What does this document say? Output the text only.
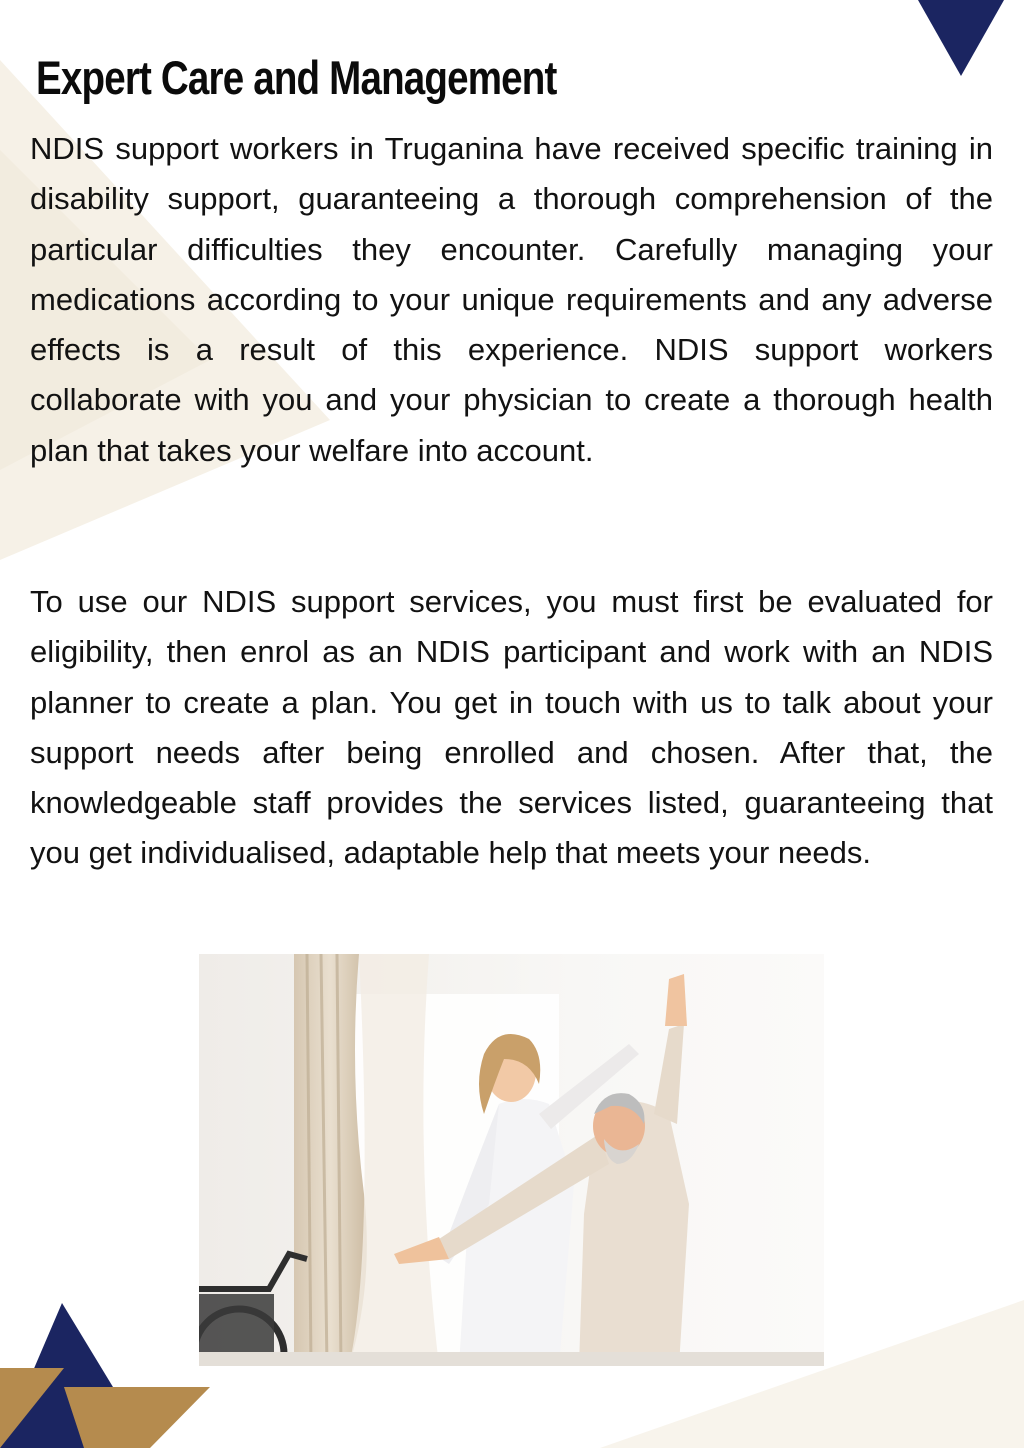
Expert Care and Management

NDIS support workers in Truganina have received specific training in disability support, guaranteeing a thorough comprehension of the particular difficulties they encounter. Carefully managing your medications according to your unique requirements and any adverse effects is a result of this experience. NDIS support workers collaborate with you and your physician to create a thorough health plan that takes your welfare into account.

To use our NDIS support services, you must first be evaluated for eligibility, then enrol as an NDIS participant and work with an NDIS planner to create a plan. You get in touch with us to talk about your support needs after being enrolled and chosen. After that, the knowledgeable staff provides the services listed, guaranteeing that you get individualised, adaptable help that meets your needs.
